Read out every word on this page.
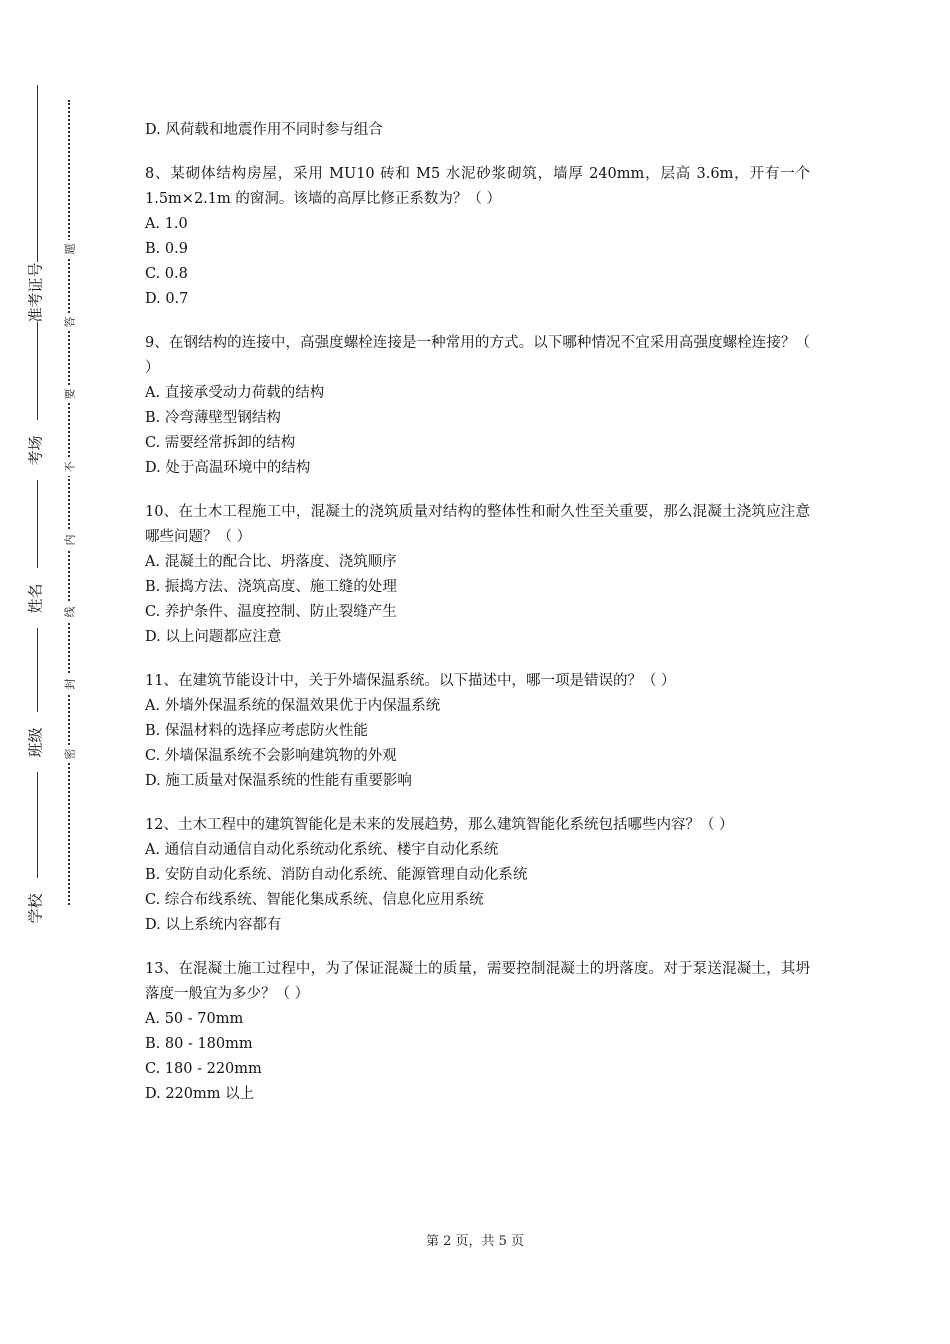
学校
班级
姓名
考场
准考证号
密
封
线
内
不
要
答
题

D. 风荷载和地震作用不同时参与组合

8、某砌体结构房屋，采用 MU10 砖和 M5 水泥砂浆砌筑，墙厚 240mm，层高 3.6m，开有一个 1.5m×2.1m 的窗洞。该墙的高厚比修正系数为？（ ）

A. 1.0

B. 0.9

C. 0.8

D. 0.7

9、在钢结构的连接中，高强度螺栓连接是一种常用的方式。以下哪种情况不宜采用高强度螺栓连接？（ ）

A. 直接承受动力荷载的结构

B. 冷弯薄壁型钢结构

C. 需要经常拆卸的结构

D. 处于高温环境中的结构

10、在土木工程施工中，混凝土的浇筑质量对结构的整体性和耐久性至关重要，那么混凝土浇筑应注意哪些问题？（ ）

A. 混凝土的配合比、坍落度、浇筑顺序

B. 振捣方法、浇筑高度、施工缝的处理

C. 养护条件、温度控制、防止裂缝产生

D. 以上问题都应注意

11、在建筑节能设计中，关于外墙保温系统。以下描述中，哪一项是错误的？（ ）

A. 外墙外保温系统的保温效果优于内保温系统

B. 保温材料的选择应考虑防火性能

C. 外墙保温系统不会影响建筑物的外观

D. 施工质量对保温系统的性能有重要影响

12、土木工程中的建筑智能化是未来的发展趋势，那么建筑智能化系统包括哪些内容？（ ）

A. 通信自动通信自动化系统动化系统、楼宇自动化系统

B. 安防自动化系统、消防自动化系统、能源管理自动化系统

C. 综合布线系统、智能化集成系统、信息化应用系统

D. 以上系统内容都有

13、在混凝土施工过程中，为了保证混凝土的质量，需要控制混凝土的坍落度。对于泵送混凝土，其坍落度一般宜为多少？（ ）

A. 50 - 70mm

B. 80 - 180mm

C. 180 - 220mm

D. 220mm 以上

第 2 页，共 5 页
